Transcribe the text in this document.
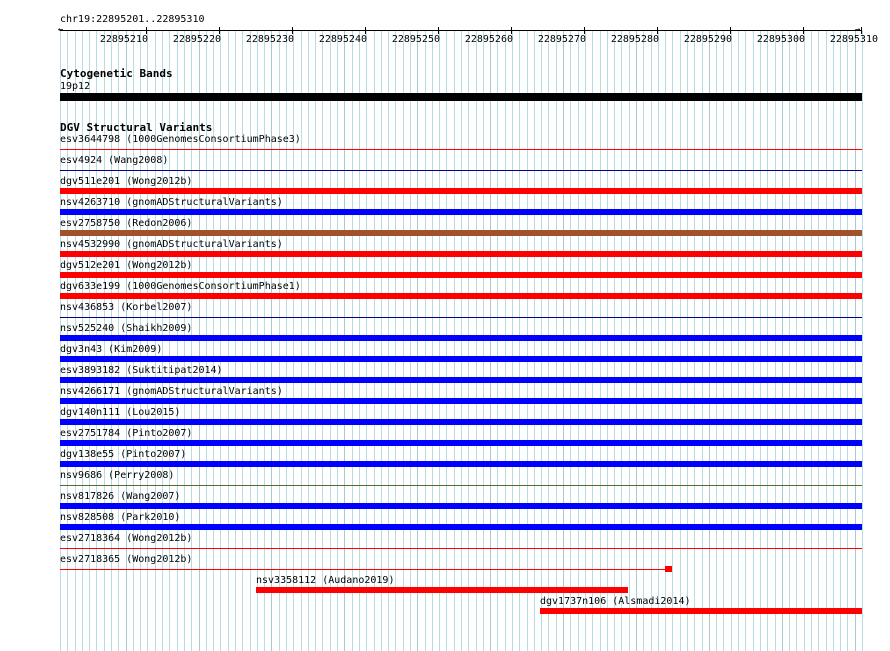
chr19:22895201..22895310
←	→
22895210 22895220 22895230 22895240 22895250 22895260 22895270 22895280 22895290 22895300 22895310
Cytogenetic Bands
19p12
DGV Structural Variants
esv3644798 (1000GenomesConsortiumPhase3)
esv4924 (Wang2008)
dgv511e201 (Wong2012b)
nsv4263710 (gnomADStructuralVariants)
esv2758750 (Redon2006)
nsv4532990 (gnomADStructuralVariants)
dgv512e201 (Wong2012b)
dgv633e199 (1000GenomesConsortiumPhase1)
nsv436853 (Korbel2007)
nsv525240 (Shaikh2009)
dgv3n43 (Kim2009)
esv3893182 (Suktitipat2014)
nsv4266171 (gnomADStructuralVariants)
dgv140n111 (Lou2015)
esv2751784 (Pinto2007)
dgv138e55 (Pinto2007)
nsv9686 (Perry2008)
nsv817826 (Wang2007)
nsv828508 (Park2010)
esv2718364 (Wong2012b)
esv2718365 (Wong2012b)
nsv3358112 (Audano2019)
dgv1737n106 (Alsmadi2014)
